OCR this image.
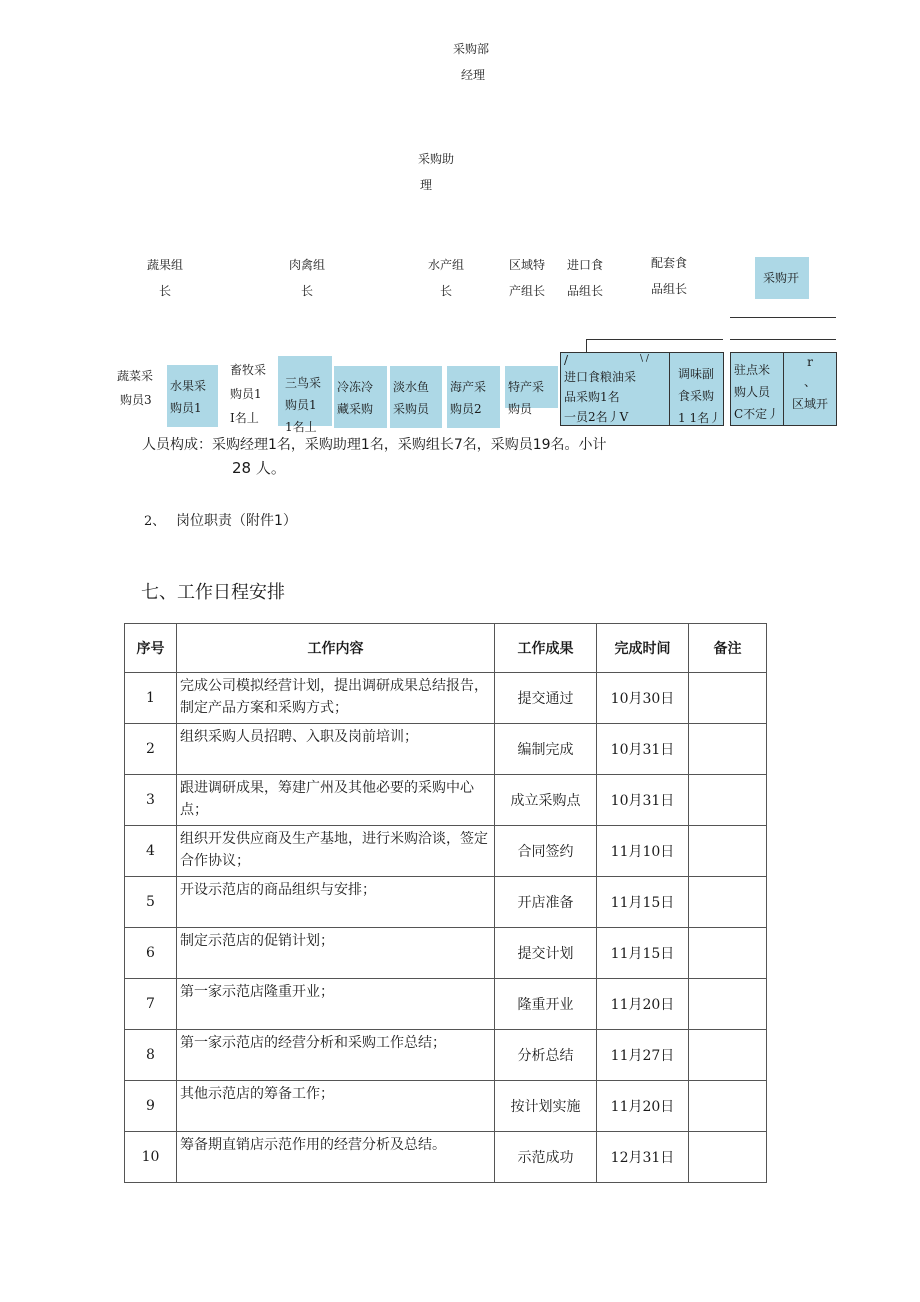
采购部
经理
采购助
理
蔬果组
长
肉禽组
长
水产组
长
区域特
产组长
进口食
品组长
配套食
品组长
采购开
蔬菜采
购员3
水果采
购员1
畜牧采
购员1
I名丄
三鸟采
购员1
1名丄
冷冻冷
藏采购
淡水鱼
采购员
海产采
购员2
特产采
购员
/
进口食粮油采
品采购1名
一员2名丿V
\ /
调味副
食采购
1 1名丿
驻点米
购人员
C不定丿
r
、
区域开
人员构成：采购经理1名，采购助理1名，采购组长7名，采购员19名。小计
28 人。
2、 岗位职责（附件1）
七、工作日程安排
序号	工作内容	工作成果	完成时间	备注
1	完成公司模拟经营计划，提出调研成果总结报告，制定产品方案和采购方式；	提交通过	10月30日	
2	组织采购人员招聘、入职及岗前培训；	编制完成	10月31日	
3	跟进调研成果，筹建广州及其他必要的采购中心点；	成立采购点	10月31日	
4	组织开发供应商及生产基地，进行米购洽谈，签定合作协议；	合同签约	11月10日	
5	开设示范店的商品组织与安排；	开店准备	11月15日	
6	制定示范店的促销计划；	提交计划	11月15日	
7	第一家示范店隆重开业；	隆重开业	11月20日	
8	第一家示范店的经营分析和采购工作总结；	分析总结	11月27日	
9	其他示范店的筹备工作；	按计划实施	11月20日	
10	筹备期直销店示范作用的经营分析及总结。	示范成功	12月31日	
